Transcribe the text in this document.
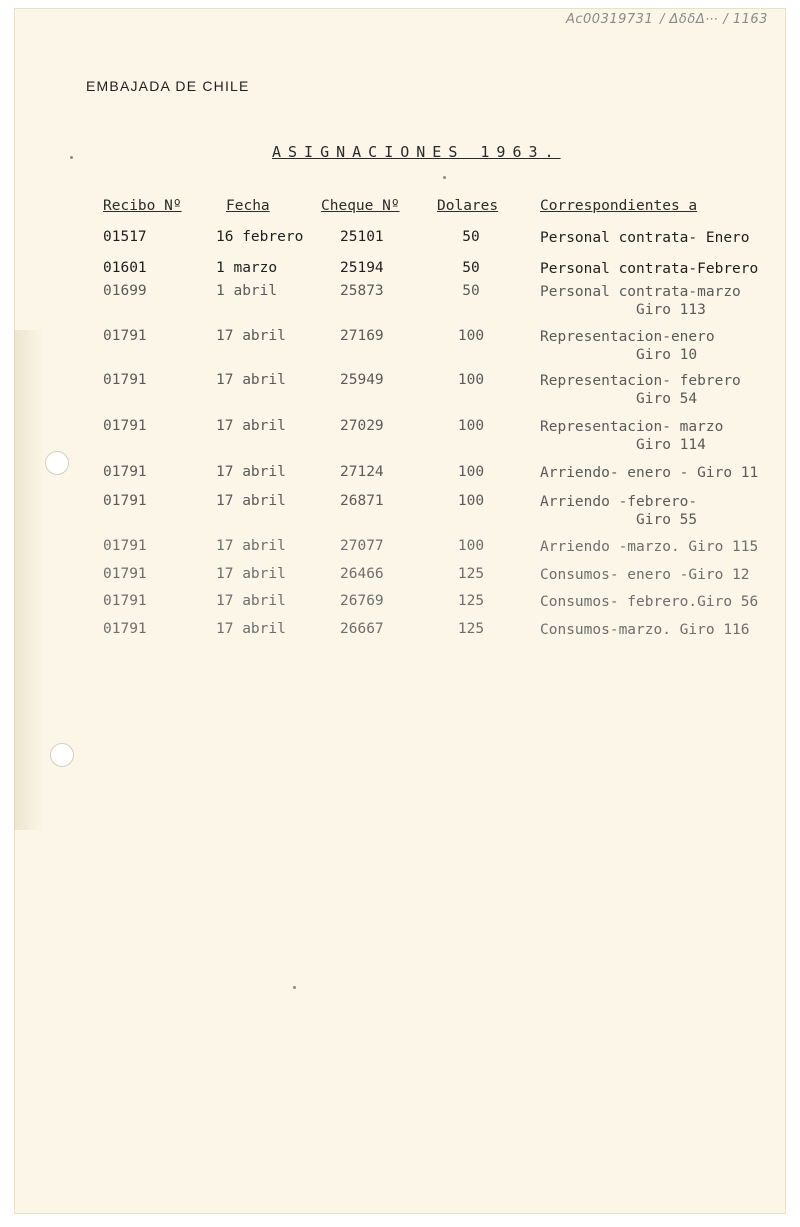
Ac00319731 / ΔδδΔ⋯ / 1163
EMBAJADA DE CHILE
ASIGNACIONES 1963.
Recibo Nº	Fecha	Cheque Nº	Dolares	Correspondientes a
01517	16 febrero	25101	50	Personal contrata- Enero
01601	1 marzo	25194	50	Personal contrata-Febrero
01699	1 abril	25873	50	Personal contrata-marzo
Giro 113
01791	17 abril	27169	100	Representacion-enero
Giro 10
01791	17 abril	25949	100	Representacion- febrero
Giro 54
01791	17 abril	27029	100	Representacion- marzo
Giro 114
01791	17 abril	27124	100	Arriendo- enero - Giro 11
01791	17 abril	26871	100	Arriendo -febrero-
Giro 55
01791	17 abril	27077	100	Arriendo -marzo. Giro 115
01791	17 abril	26466	125	Consumos- enero -Giro 12
01791	17 abril	26769	125	Consumos- febrero.Giro 56
01791	17 abril	26667	125	Consumos-marzo. Giro 116
